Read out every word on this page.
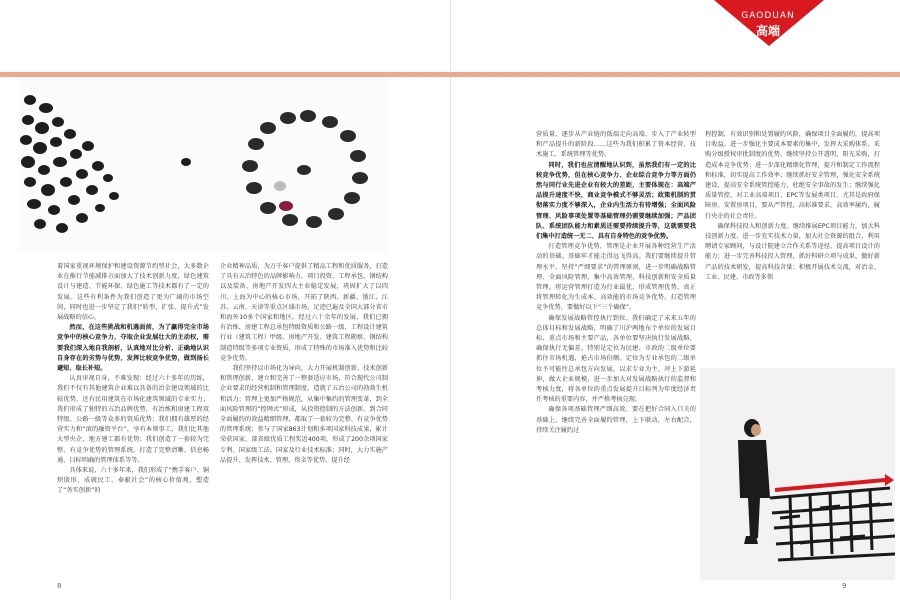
GAODUAN
高端

着国家重视环境保护和建设资源节约型社会，大多数企业在推行节能减排方面加大了技术创新力度，绿色建筑设计与建造、节能环保、绿色施工等技术都有了一定的发展。这些有利条件为我们创造了更为广阔的市场空间，同时也进一步坚定了我们“转型、扩张、提升式”发展战略的信心。

然而，在这些挑战和机遇面前，为了赢得完全市场竞争中的核心竞争力，夺取企业发展壮大的主动权，需要我们深入地自我剖析，认真地对比分析、正确地认识自身存在的劣势与优势，发挥比较竞争优势，做到扬长避短、取长补短。

认真审视自身，不难发现：经过六十多年的历练，我们不仅有其他建筑企业难以具备的冶金建设领域的比较优势，还有民用建筑在市场化建筑领域的专业实力；我们形成了独特的五冶品牌优势，有冶炼和房建工程双特级、公路一级等众多的资质优势；我们拥有雄厚的经营实力和“滚的融资平台”，享有本领事工，我们比其他大型央企、地方建工都有优势；我们创造了一套较为完整、有竞争优势的管理系统。打造了完整清晰、信息畅通、目标明确的管理体系等等。

具体来说，六十多年来，我们形成了“携手客户、铜炽殷形、成就民工、奉献社会”的核心价值观，塑造了“务实创新”的

企业精神品质，为万千客户提供了精品工程和优质服务，打造了具有五冶特色的品牌影响力。项目投资、工程承包、钢结构以及装备、房地产开发四大主业稳定发展，巩固扩大了以四川、上海为中心的核心市场，开拓了陕西、新疆、浙江、江苏、云南、天津等重点区域市场，足迹已遍及全国大部分省市和海外10多个国家和地区。经过六十余年的发展，我们已拥有冶炼、房建工程总承包特级资质和公路一级、工程设计建筑行业（建筑工程）甲级、房地产开发、建筑工程勘察、钢结构制造特级等多项专业资质，形成了特殊的市场准入优势和比较竞争优势。

我们坚持以市场化为导向，大力开展机制创新、技术创新和管理创新，建立和完善了一整套适应市场、符合现代公司制企业要求的经营机制和管理制度，造就了五冶公司的勃勃生机和活力；管理上更加严格规范，从集中集约的管理变革，到全面风险管理的“控网式”形成，从投资控制的方法创新、到合同全面履约的效益精细管理，都取了一套较为完整、有竞争优势的管理系统；参与了国家863计划和多项国家科技成果，累计荣获国家、部省级优质工程奖近400项，形成了200余项国家专利、国家级工法。国家及行业技术标准；同时，大力实施产品提升、发挥技术、管理、资金等优势，提升经

营质量、逐步从产业链的低端走向高端、步入了产业转型和产品提升的新阶段……这些为我们积累了资本经营、技术施工、系统管理等优势。

同时，我们也应清醒地认识到，虽然我们有一定的比较竞争优势，但在核心竞争力、企业综合竞争力等方面仍然与同行业先进企业有较大的差距，主要体现在：高端产品提升速度不快，商业竞争模式不够灵活；政策机制的贯彻落实力度不够深入，企业内生活力有待增强；全面风险管理、风险事项处置等基础管理仍需要继续加强；产品团队、系统团队能力和素质还需要持续提升等，这就需要我们集中打造统一无二、具有自身特色的竞争优势。

打造管理竞争优势，管理是企业开展各种经营生产活动的基础。基础牢才能走得远飞得高。我们要继续提升管理水平，坚持“严细要求”的管理原则，进一步明确战略管理、全面风险管理、集中高效管理、科技创新和安全质量管理。将运营管理打造为行业最优，形成管理优势，真正将管理转化为生成本、高效能的市场竞争优势。打造管理竞争优势，要做好以下“三个确保”。

确保发展战略管控执行到位。我们确定了未来五年的总体目标和发展战略，明确了川沪两地布个单位的发展目标、重点市场和主要产品，各单位要坚决执行发展战略，确保执行无偏差。特别是定位为民建、市政的二级单位要抓住市场机遇，抢占市场份额。定位为专业承包的二级单位不可能往总承包方向发展，以求专业为主、冲上下游延伸，做大企业规模，进一步加大对发展战略执行的监督和考核力度，将各单位的重点发展提升目标列为年度经济责任考核的重要内容，并严格考核兑现。

确保各项基础管理严细高效。要在把好合同入口关的基础上，继续完善全面履约管理，上下联动，左右配合，持续关注履约过

程控制，有效识别和处置履约风险，确保项目全面履约，提高项目收益。进一步强化主要成本要素的集中，发挥大采购体系、采购分级授权审批制度的优势，继续坚持公开透明，阳光采购，打造成本竞争优势；进一步深化精细化管理，提升和制定工作流程和标准，切实提高工作效率；继续抓好安全管理，强化安全系统建设，提高安全系统管控能力，杜绝安全事故的发生；继续强化质量管控，对工业高端项目，EPC等发展类项目，尤其是政府保障房、安置房项目，要从严管控，高标准要求，高效率履约，履行央企的社会责任。

确保科技投入和创新力度。继续推展EPC项目能力，加大科技创新力度，进一步充实技术力量，加大社会资源的组合，利用聘请专家顾问，与设计院建立合作关系等途径，提高项目设计的能力；进一步完善科技投入管理，抓好科研立项与成果，做好新产品的技术研发，提高科技含量；积极开展技术交流，对冶金、工业、民建、市政等多领

8	9
